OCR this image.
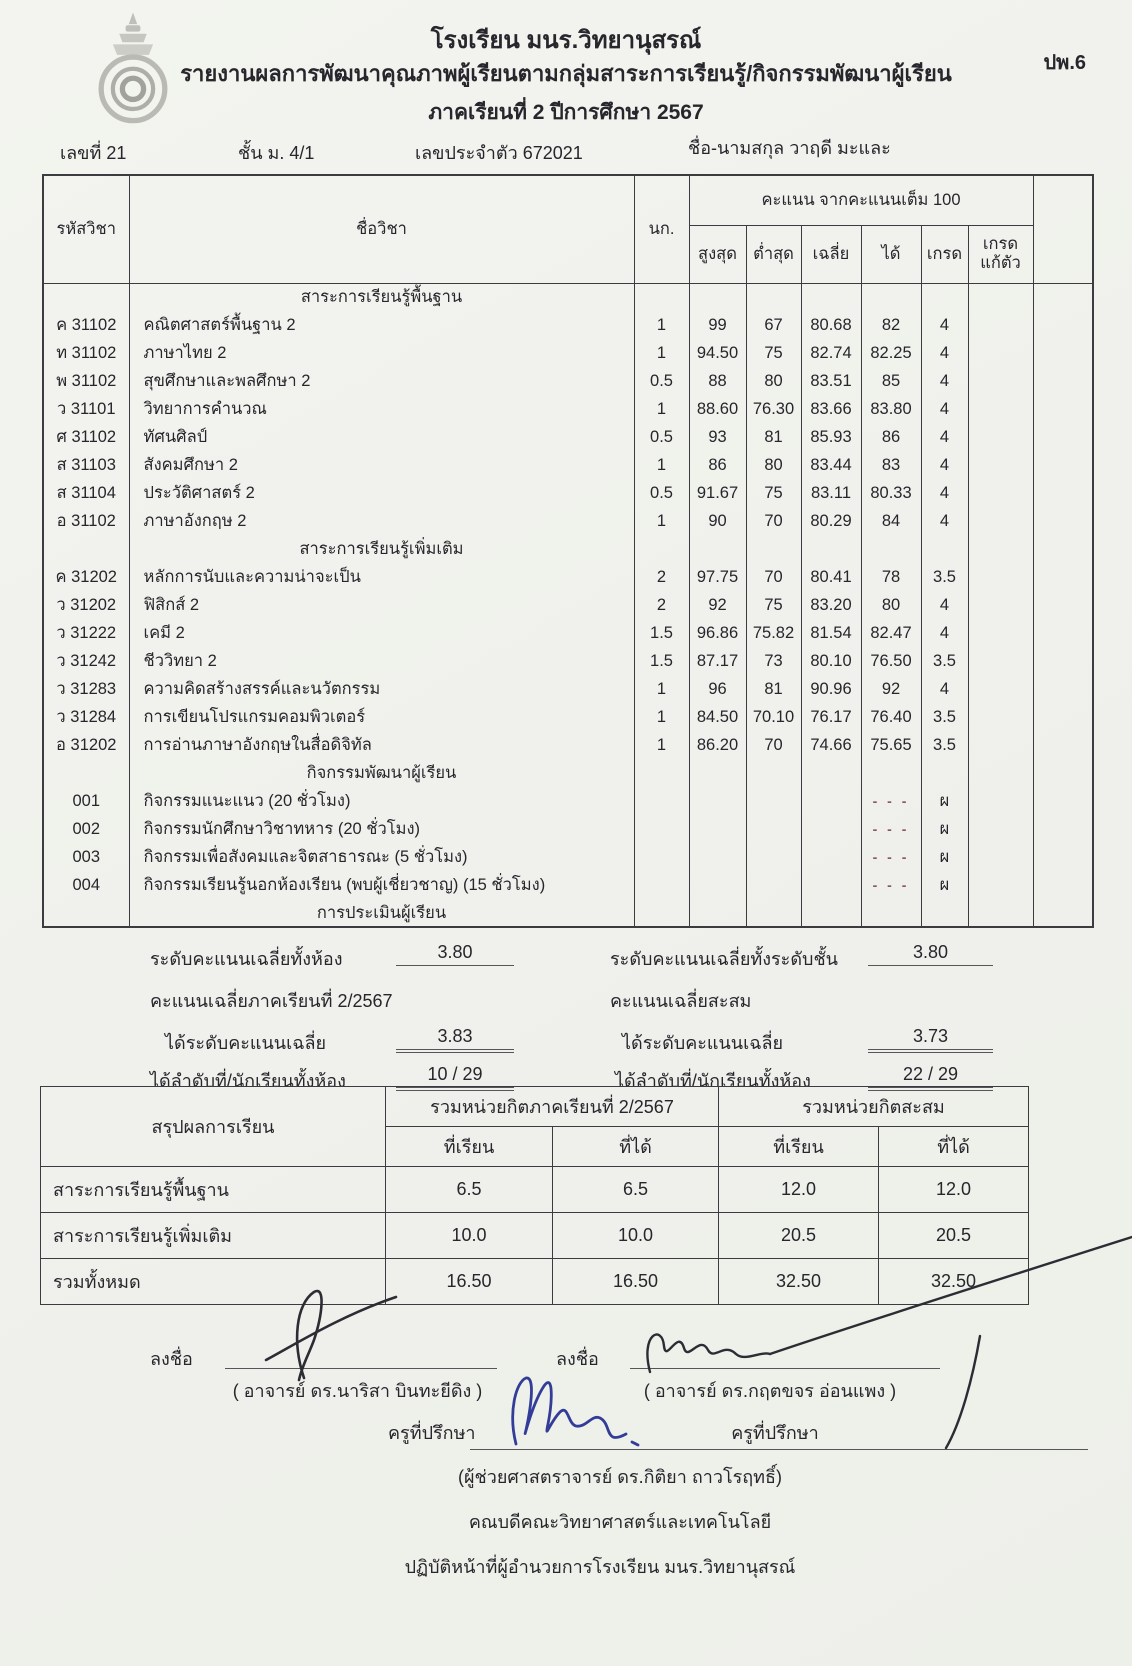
โรงเรียน มนร.วิทยานุสรณ์
รายงานผลการพัฒนาคุณภาพผู้เรียนตามกลุ่มสาระการเรียนรู้/กิจกรรมพัฒนาผู้เรียน
ภาคเรียนที่ 2 ปีการศึกษา 2567
ปพ.6
เลขที่ 21	ชั้น ม. 4/1	เลขประจำตัว 672021	ชื่อ-นามสกุล วาฤดี มะและ
รหัสวิชา	ชื่อวิชา	นก.	คะแนน จากคะแนนเต็ม 100						
			สูงสุด	ต่ำสุด	เฉลี่ย	ได้	เกรด	เกรด แก้ตัว	
	สาระการเรียนรู้พื้นฐาน								
ค 31102	คณิตศาสตร์พื้นฐาน 2	1	99	67	80.68	82	4		
ท 31102	ภาษาไทย 2	1	94.50	75	82.74	82.25	4		
พ 31102	สุขศึกษาและพลศึกษา 2	0.5	88	80	83.51	85	4		
ว 31101	วิทยาการคำนวณ	1	88.60	76.30	83.66	83.80	4		
ศ 31102	ทัศนศิลป์	0.5	93	81	85.93	86	4		
ส 31103	สังคมศึกษา 2	1	86	80	83.44	83	4		
ส 31104	ประวัติศาสตร์ 2	0.5	91.67	75	83.11	80.33	4		
อ 31102	ภาษาอังกฤษ 2	1	90	70	80.29	84	4		
	สาระการเรียนรู้เพิ่มเติม								
ค 31202	หลักการนับและความน่าจะเป็น	2	97.75	70	80.41	78	3.5		
ว 31202	ฟิสิกส์ 2	2	92	75	83.20	80	4		
ว 31222	เคมี 2	1.5	96.86	75.82	81.54	82.47	4		
ว 31242	ชีววิทยา 2	1.5	87.17	73	80.10	76.50	3.5		
ว 31283	ความคิดสร้างสรรค์และนวัตกรรม	1	96	81	90.96	92	4		
ว 31284	การเขียนโปรแกรมคอมพิวเตอร์	1	84.50	70.10	76.17	76.40	3.5		
อ 31202	การอ่านภาษาอังกฤษในสื่อดิจิทัล	1	86.20	70	74.66	75.65	3.5		
	กิจกรรมพัฒนาผู้เรียน								
001	กิจกรรมแนะแนว (20 ชั่วโมง)					- - -	ผ		
002	กิจกรรมนักศึกษาวิชาทหาร (20 ชั่วโมง)					- - -	ผ		
003	กิจกรรมเพื่อสังคมและจิตสาธารณะ (5 ชั่วโมง)					- - -	ผ		
004	กิจกรรมเรียนรู้นอกห้องเรียน (พบผู้เชี่ยวชาญ) (15 ชั่วโมง)					- - -	ผ		
	การประเมินผู้เรียน								
ระดับคะแนนเฉลี่ยทั้งห้อง	3.80	ระดับคะแนนเฉลี่ยทั้งระดับชั้น	3.80
คะแนนเฉลี่ยภาคเรียนที่ 2/2567	คะแนนเฉลี่ยสะสม
ได้ระดับคะแนนเฉลี่ย	3.83	ได้ระดับคะแนนเฉลี่ย	3.73
ได้ลำดับที่/นักเรียนทั้งห้อง	10 / 29	ได้ลำดับที่/นักเรียนทั้งห้อง	22 / 29
สรุปผลการเรียน	รวมหน่วยกิตภาคเรียนที่ 2/2567		รวมหน่วยกิตสะสม	
	ที่เรียน	ที่ได้	ที่เรียน	ที่ได้
สาระการเรียนรู้พื้นฐาน	6.5	6.5	12.0	12.0
สาระการเรียนรู้เพิ่มเติม	10.0	10.0	20.5	20.5
รวมทั้งหมด	16.50	16.50	32.50	32.50
ลงชื่อ
( อาจารย์ ดร.นาริสา บินทะยีดิง )
ครูที่ปรึกษา
ลงชื่อ
( อาจารย์ ดร.กฤตขจร อ่อนแพง )
ครูที่ปรึกษา
(ผู้ช่วยศาสตราจารย์ ดร.กิติยา ถาวโรฤทธิ์)
คณบดีคณะวิทยาศาสตร์และเทคโนโลยี
ปฏิบัติหน้าที่ผู้อำนวยการโรงเรียน มนร.วิทยานุสรณ์
